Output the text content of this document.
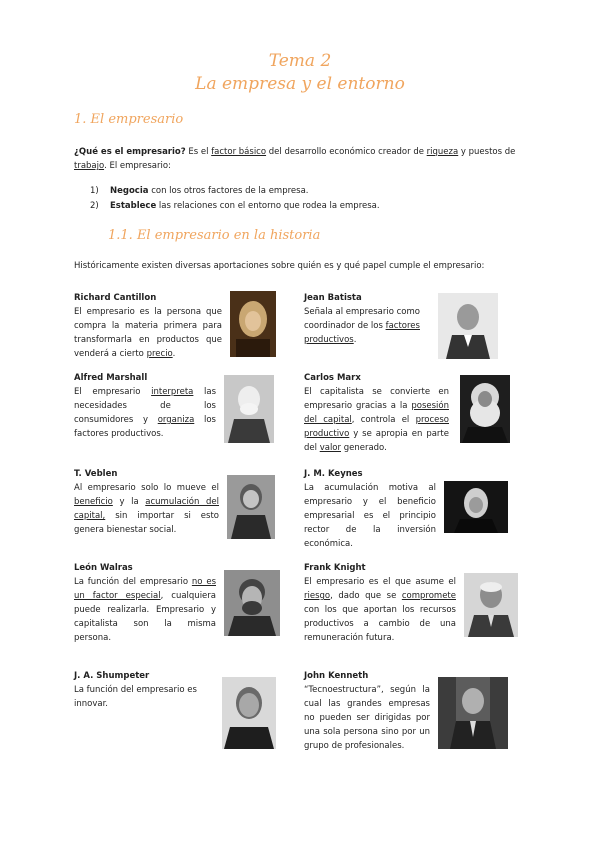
Tema 2
La empresa y el entorno
1. El empresario
¿Qué es el empresario? Es el factor básico del desarrollo económico creador de riqueza y puestos de trabajo. El empresario:
1) Negocia con los otros factores de la empresa.
2) Establece las relaciones con el entorno que rodea la empresa.
1.1. El empresario en la historia
Históricamente existen diversas aportaciones sobre quién es y qué papel cumple el empresario:
Richard Cantillon
El empresario es la persona que compra la materia primera para transformarla en productos que venderá a cierto precio.
Jean Batista
Señala al empresario como coordinador de los factores productivos.
Alfred Marshall
El empresario interpreta las necesidades de los consumidores y organiza los factores productivos.
Carlos Marx
El capitalista se convierte en empresario gracias a la posesión del capital, controla el proceso productivo y se apropia en parte del valor generado.
T. Veblen
Al empresario solo lo mueve el beneficio y la acumulación del capital, sin importar si esto genera bienestar social.
J. M. Keynes
La acumulación motiva al empresario y el beneficio empresarial es el principio rector de la inversión económica.
León Walras
La función del empresario no es un factor especial, cualquiera puede realizarla. Empresario y capitalista son la misma persona.
Frank Knight
El empresario es el que asume el riesgo, dado que se compromete con los que aportan los recursos productivos a cambio de una remuneración futura.
J. A. Shumpeter
La función del empresario es innovar.
John Kenneth
“Tecnoestructura”, según la cual las grandes empresas no pueden ser dirigidas por una sola persona sino por un grupo de profesionales.
